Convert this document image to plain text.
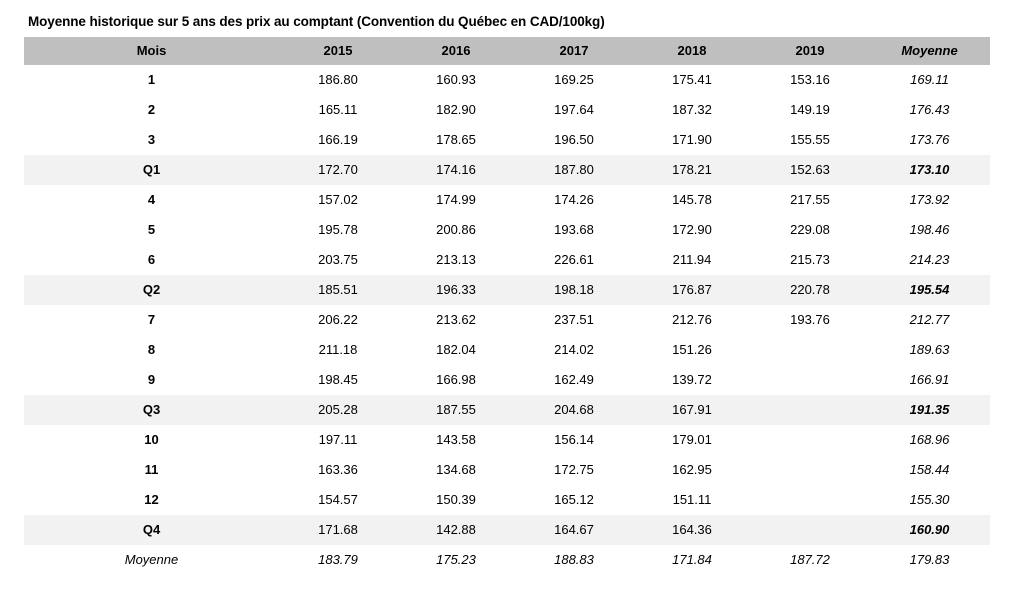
Moyenne historique sur 5 ans des prix au comptant (Convention du Québec en CAD/100kg)
Mois	2015	2016	2017	2018	2019	Moyenne
1	186.80	160.93	169.25	175.41	153.16	169.11
2	165.11	182.90	197.64	187.32	149.19	176.43
3	166.19	178.65	196.50	171.90	155.55	173.76
Q1	172.70	174.16	187.80	178.21	152.63	173.10
4	157.02	174.99	174.26	145.78	217.55	173.92
5	195.78	200.86	193.68	172.90	229.08	198.46
6	203.75	213.13	226.61	211.94	215.73	214.23
Q2	185.51	196.33	198.18	176.87	220.78	195.54
7	206.22	213.62	237.51	212.76	193.76	212.77
8	211.18	182.04	214.02	151.26		189.63
9	198.45	166.98	162.49	139.72		166.91
Q3	205.28	187.55	204.68	167.91		191.35
10	197.11	143.58	156.14	179.01		168.96
11	163.36	134.68	172.75	162.95		158.44
12	154.57	150.39	165.12	151.11		155.30
Q4	171.68	142.88	164.67	164.36		160.90
Moyenne	183.79	175.23	188.83	171.84	187.72	179.83
